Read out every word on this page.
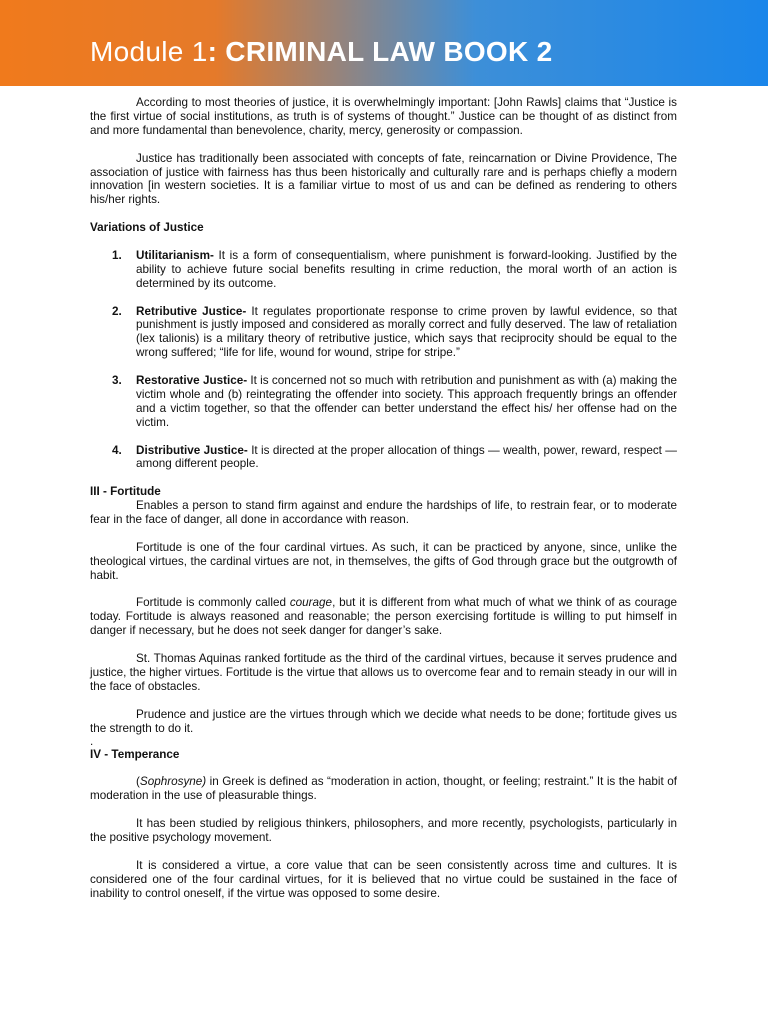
Module 1: CRIMINAL LAW BOOK 2

According to most theories of justice, it is overwhelmingly important: [John Rawls] claims that “Justice is the first virtue of social institutions, as truth is of systems of thought.” Justice can be thought of as distinct from and more fundamental than benevolence, charity, mercy, generosity or compassion.

Justice has traditionally been associated with concepts of fate, reincarnation or Divine Providence, The association of justice with fairness has thus been historically and culturally rare and is perhaps chiefly a modern innovation [in western societies. It is a familiar virtue to most of us and can be defined as rendering to others his/her rights.

Variations of Justice
1. Utilitarianism- It is a form of consequentialism, where punishment is forward-looking. Justified by the ability to achieve future social benefits resulting in crime reduction, the moral worth of an action is determined by its outcome.
2. Retributive Justice- It regulates proportionate response to crime proven by lawful evidence, so that punishment is justly imposed and considered as morally correct and fully deserved. The law of retaliation (lex talionis) is a military theory of retributive justice, which says that reciprocity should be equal to the wrong suffered; “life for life, wound for wound, stripe for stripe.”
3. Restorative Justice- It is concerned not so much with retribution and punishment as with (a) making the victim whole and (b) reintegrating the offender into society. This approach frequently brings an offender and a victim together, so that the offender can better understand the effect his/ her offense had on the victim.
4. Distributive Justice- It is directed at the proper allocation of things — wealth, power, reward, respect — among different people.
III - Fortitude

Enables a person to stand firm against and endure the hardships of life, to restrain fear, or to moderate fear in the face of danger, all done in accordance with reason.

Fortitude is one of the four cardinal virtues. As such, it can be practiced by anyone, since, unlike the theological virtues, the cardinal virtues are not, in themselves, the gifts of God through grace but the outgrowth of habit.

Fortitude is commonly called courage, but it is different from what much of what we think of as courage today. Fortitude is always reasoned and reasonable; the person exercising fortitude is willing to put himself in danger if necessary, but he does not seek danger for danger’s sake.

St. Thomas Aquinas ranked fortitude as the third of the cardinal virtues, because it serves prudence and justice, the higher virtues. Fortitude is the virtue that allows us to overcome fear and to remain steady in our will in the face of obstacles.

Prudence and justice are the virtues through which we decide what needs to be done; fortitude gives us the strength to do it.

.

IV - Temperance

(Sophrosyne) in Greek is defined as “moderation in action, thought, or feeling; restraint.” It is the habit of moderation in the use of pleasurable things.

It has been studied by religious thinkers, philosophers, and more recently, psychologists, particularly in the positive psychology movement.

It is considered a virtue, a core value that can be seen consistently across time and cultures. It is considered one of the four cardinal virtues, for it is believed that no virtue could be sustained in the face of inability to control oneself, if the virtue was opposed to some desire.
